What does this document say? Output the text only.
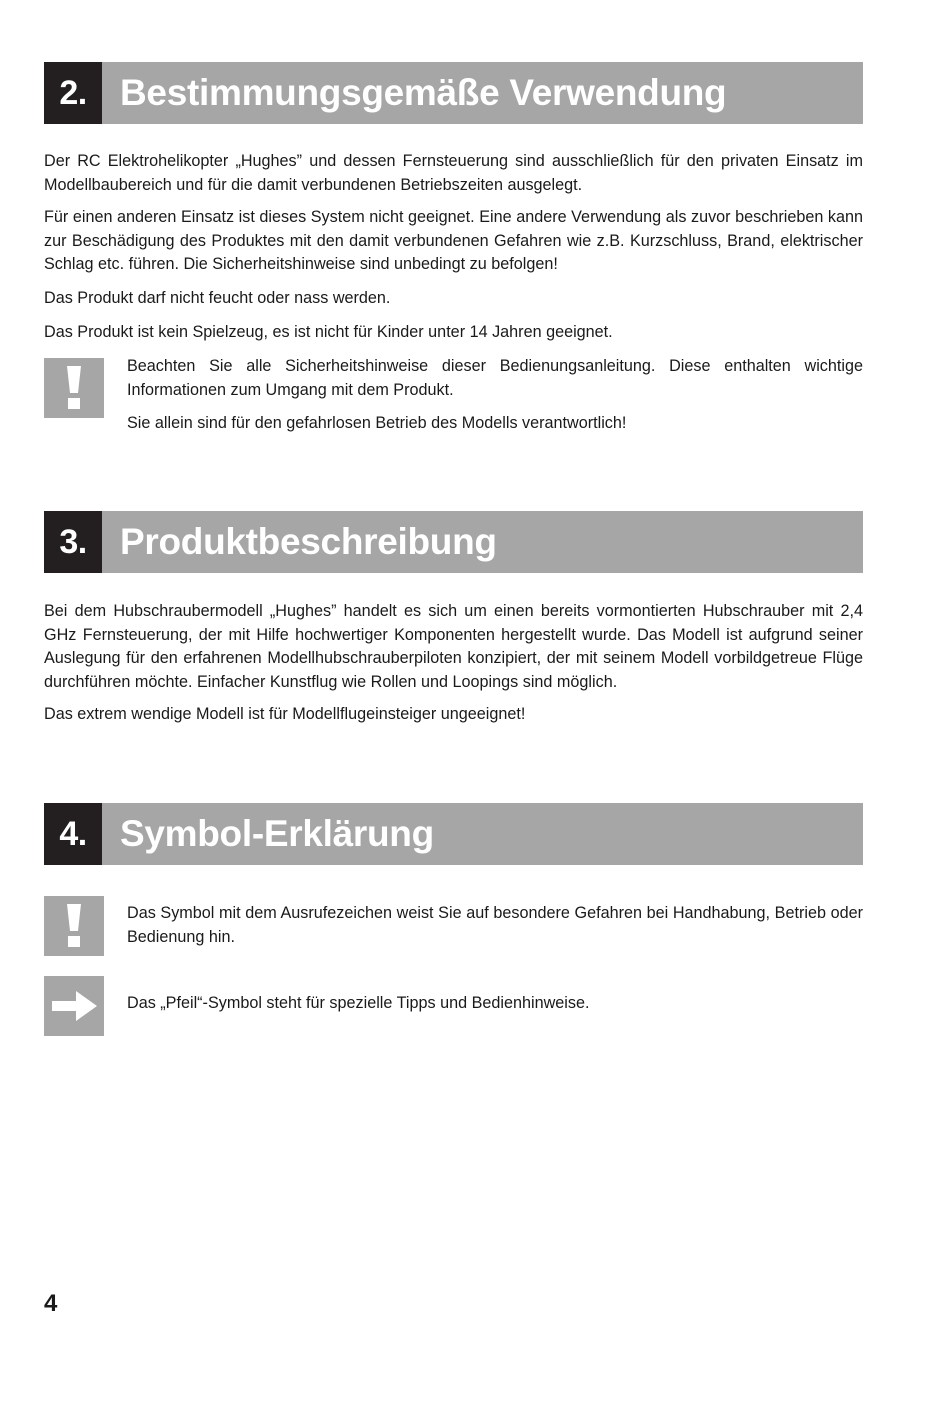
2. Bestimmungsgemäße Verwendung

Der RC Elektrohelikopter „Hughes” und dessen Fernsteuerung sind ausschließlich für den privaten Einsatz im Modellbaubereich und für die damit verbundenen Betriebszeiten ausgelegt.

Für einen anderen Einsatz ist dieses System nicht geeignet. Eine andere Verwendung als zuvor beschrieben kann zur Beschädigung des Produktes mit den damit verbundenen Gefahren wie z.B. Kurzschluss, Brand, elektrischer Schlag etc. führen. Die Sicherheitshinweise sind unbedingt zu befolgen!

Das Produkt darf nicht feucht oder nass werden.

Das Produkt ist kein Spielzeug, es ist nicht für Kinder unter 14 Jahren geeignet.

Beachten Sie alle Sicherheitshinweise dieser Bedienungsanleitung. Diese enthalten wichtige Informationen zum Umgang mit dem Produkt.

Sie allein sind für den gefahrlosen Betrieb des Modells verantwortlich!

3. Produktbeschreibung

Bei dem Hubschraubermodell „Hughes” handelt es sich um einen bereits vormontierten Hubschrauber mit 2,4 GHz Fernsteuerung, der mit Hilfe hochwertiger Komponenten hergestellt wurde. Das Modell ist aufgrund seiner Auslegung für den erfahrenen Modellhubschrauberpiloten konzipiert, der mit seinem Modell vorbildgetreue Flüge durchführen möchte. Einfacher Kunstflug wie Rollen und Loopings sind möglich.

Das extrem wendige Modell ist für Modellflugeinsteiger ungeeignet!

4. Symbol-Erklärung

Das Symbol mit dem Ausrufezeichen weist Sie auf besondere Gefahren bei Handhabung, Betrieb oder Bedienung hin.

Das „Pfeil“-Symbol steht für spezielle Tipps und Bedienhinweise.

4
